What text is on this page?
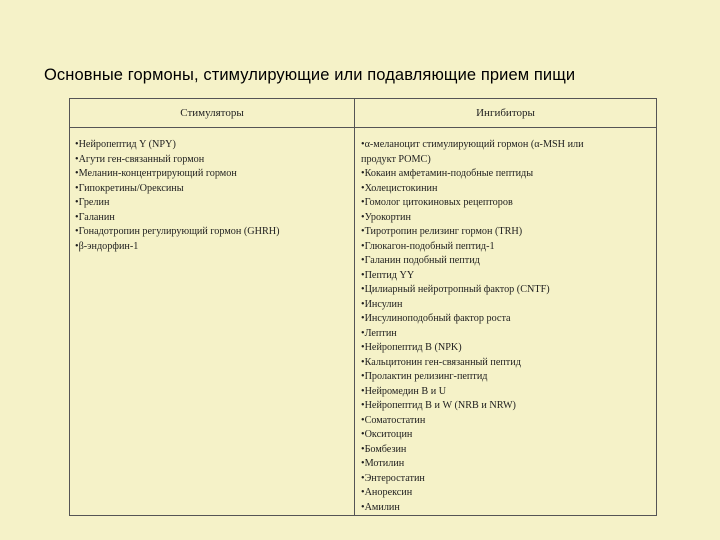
Основные гормоны, стимулирующие или подавляющие прием пищи
Стимуляторы	Ингибиторы
•Нейропептид Y (NPY)
•Агути ген-связанный гормон
•Меланин-концентрирующий гормон
•Гипокретины/Орексины
•Грелин
•Галанин
•Гонадотропин регулирующий гормон (GHRH)
•β-эндорфин-1
•α-меланоцит стимулирующий гормон (α-MSH или
продукт POMC)
•Кокаин амфетамин-подобные пептиды
•Холецистокинин
•Гомолог цитокиновых рецепторов
•Урокортин
•Тиротропин релизинг гормон (TRH)
•Глюкагон-подобный пептид-1
•Галанин подобный пептид
•Пептид YY
•Цилиарный нейротропный фактор (CNTF)
•Инсулин
•Инсулиноподобный фактор роста
•Лептин
•Нейропептид B (NPK)
•Кальцитонин ген-связанный пептид
•Пролактин релизинг-пептид
•Нейромедин B и U
•Нейропептид B и W (NRB и NRW)
•Соматостатин
•Окситоцин
•Бомбезин
•Мотилин
•Энтеростатин
•Анорексин
•Амилин
